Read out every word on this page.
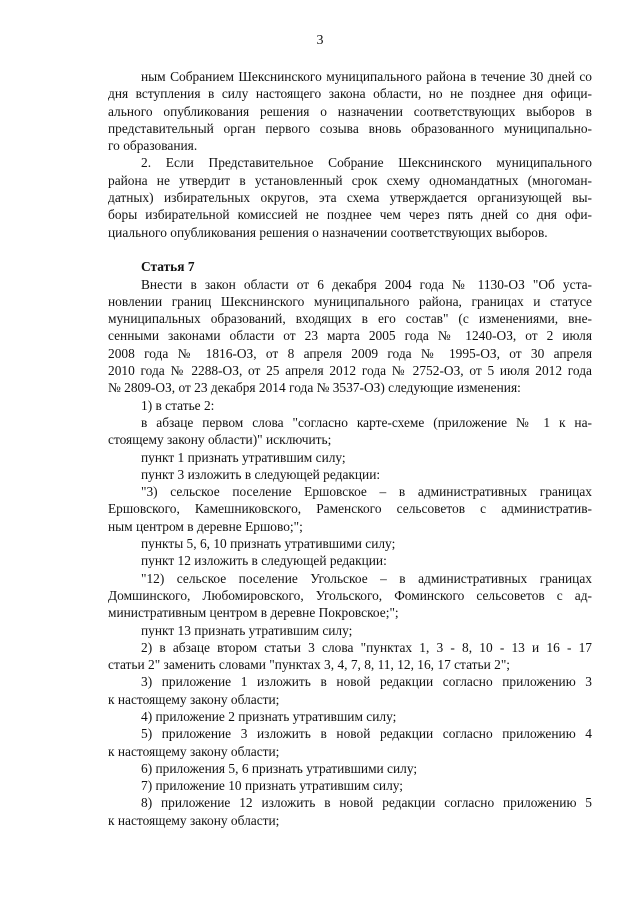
3
ным Собранием Шекснинского муниципального района в течение 30 дней со
дня вступления в силу настоящего закона области, но не позднее дня офици-
ального опубликования решения о назначении соответствующих выборов в
представительный орган первого созыва вновь образованного муниципально-
го образования.
2. Если Представительное Собрание Шекснинского муниципального
района не утвердит в установленный срок схему одномандатных (многоман-
датных) избирательных округов, эта схема утверждается организующей вы-
боры избирательной комиссией не позднее чем через пять дней со дня офи-
циального опубликования решения о назначении соответствующих выборов.
Статья 7
Внести в закон области от 6 декабря 2004 года № 1130-ОЗ "Об уста-
новлении границ Шекснинского муниципального района, границах и статусе
муниципальных образований, входящих в его состав" (с изменениями, вне-
сенными законами области от 23 марта 2005 года № 1240-ОЗ, от 2 июля
2008 года № 1816-ОЗ, от 8 апреля 2009 года № 1995-ОЗ, от 30 апреля
2010 года № 2288-ОЗ, от 25 апреля 2012 года № 2752-ОЗ, от 5 июля 2012 года
№ 2809-ОЗ, от 23 декабря 2014 года № 3537-ОЗ) следующие изменения:
1) в статье 2:
в абзаце первом слова "согласно карте-схеме (приложение № 1 к на-
стоящему закону области)" исключить;
пункт 1 признать утратившим силу;
пункт 3 изложить в следующей редакции:
"3) сельское поселение Ершовское – в административных границах
Ершовского, Камешниковского, Раменского сельсоветов с административ-
ным центром в деревне Ершово;";
пункты 5, 6, 10 признать утратившими силу;
пункт 12 изложить в следующей редакции:
"12) сельское поселение Угольское – в административных границах
Домшинского, Любомировского, Угольского, Фоминского сельсоветов с ад-
министративным центром в деревне Покровское;";
пункт 13 признать утратившим силу;
2) в абзаце втором статьи 3 слова "пунктах 1, 3 - 8, 10 - 13 и 16 - 17
статьи 2" заменить словами "пунктах 3, 4, 7, 8, 11, 12, 16, 17 статьи 2";
3) приложение 1 изложить в новой редакции согласно приложению 3
к настоящему закону области;
4) приложение 2 признать утратившим силу;
5) приложение 3 изложить в новой редакции согласно приложению 4
к настоящему закону области;
6) приложения 5, 6 признать утратившими силу;
7) приложение 10 признать утратившим силу;
8) приложение 12 изложить в новой редакции согласно приложению 5
к настоящему закону области;
